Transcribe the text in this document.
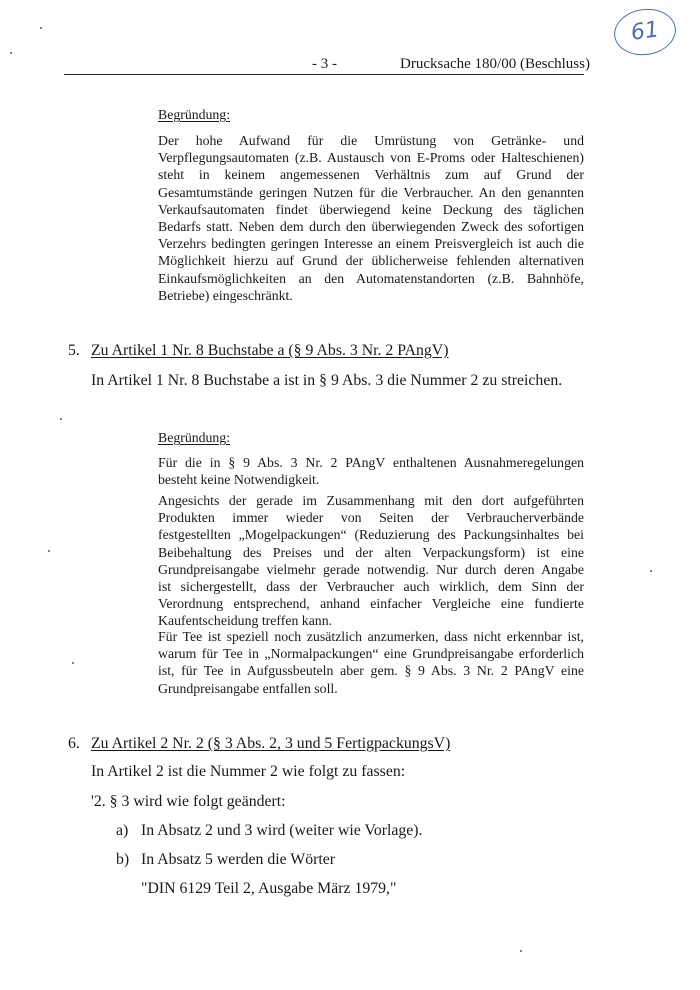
61
- 3 -	Drucksache 180/00 (Beschluss)
Begründung:
Der hohe Aufwand für die Umrüstung von Getränke- und
Verpflegungsautomaten (z.B. Austausch von E-Proms oder Halteschienen)
steht in keinem angemessenen Verhältnis zum auf Grund der
Gesamtumstände geringen Nutzen für die Verbraucher. An den genannten
Verkaufsautomaten findet überwiegend keine Deckung des täglichen
Bedarfs statt. Neben dem durch den überwiegenden Zweck des sofortigen
Verzehrs bedingten geringen Interesse an einem Preisvergleich ist auch die
Möglichkeit hierzu auf Grund der üblicherweise fehlenden alternativen
Einkaufsmöglichkeiten an den Automatenstandorten (z.B. Bahnhöfe,
Betriebe) eingeschränkt.
5. Zu Artikel 1 Nr. 8 Buchstabe a (§ 9 Abs. 3 Nr. 2 PAngV)
In Artikel 1 Nr. 8 Buchstabe a ist in § 9 Abs. 3 die Nummer 2 zu streichen.
Begründung:
Für die in § 9 Abs. 3 Nr. 2 PAngV enthaltenen Ausnahmeregelungen
besteht keine Notwendigkeit.
Angesichts der gerade im Zusammenhang mit den dort aufgeführten
Produkten immer wieder von Seiten der Verbraucherverbände
festgestellten „Mogelpackungen“ (Reduzierung des Packungsinhaltes bei
Beibehaltung des Preises und der alten Verpackungsform) ist eine
Grundpreisangabe vielmehr gerade notwendig. Nur durch deren Angabe
ist sichergestellt, dass der Verbraucher auch wirklich, dem Sinn der
Verordnung entsprechend, anhand einfacher Vergleiche eine fundierte
Kaufentscheidung treffen kann.
Für Tee ist speziell noch zusätzlich anzumerken, dass nicht erkennbar ist,
warum für Tee in „Normalpackungen“ eine Grundpreisangabe erforderlich
ist, für Tee in Aufgussbeuteln aber gem. § 9 Abs. 3 Nr. 2 PAngV eine
Grundpreisangabe entfallen soll.
6. Zu Artikel 2 Nr. 2 (§ 3 Abs. 2, 3 und 5 FertigpackungsV)
In Artikel 2 ist die Nummer 2 wie folgt zu fassen:
'2. § 3 wird wie folgt geändert:
a) In Absatz 2 und 3 wird (weiter wie Vorlage).
b) In Absatz 5 werden die Wörter
"DIN 6129 Teil 2, Ausgabe März 1979,"
